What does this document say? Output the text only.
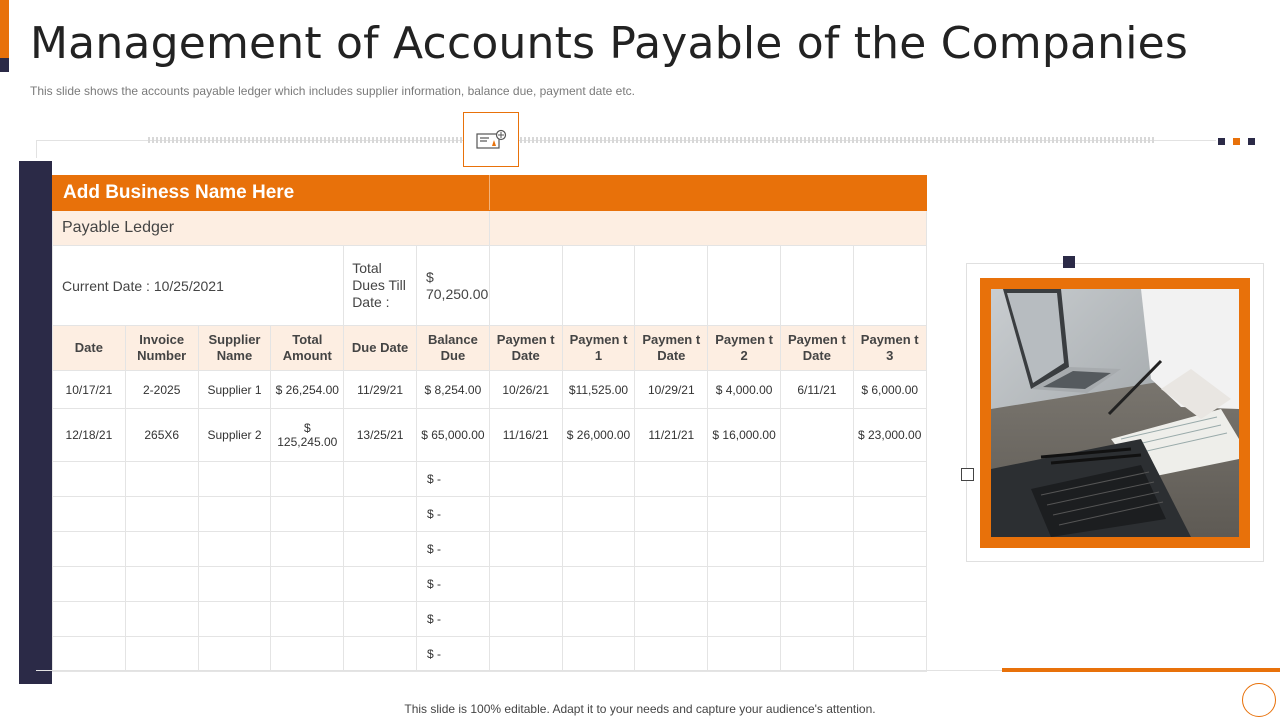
Management of Accounts Payable of the Companies

This slide shows the accounts payable ledger which includes supplier information, balance due, payment date etc.

Add Business Name Here											
Payable Ledger											
Current Date : 10/25/2021				Total Dues Till Date :	$ 70,250.00						
Date	Invoice Number	Supplier Name	Total Amount	Due Date	Balance Due	Paymen t Date	Paymen t 1	Paymen t Date	Paymen t 2	Paymen t Date	Paymen t 3
10/17/21	2-2025	Supplier 1	$ 26,254.00	11/29/21	$ 8,254.00	10/26/21	$11,525.00	10/29/21	$ 4,000.00	6/11/21	$ 6,000.00
12/18/21	265X6	Supplier 2	$ 125,245.00	13/25/21	$ 65,000.00	11/16/21	$ 26,000.00	11/21/21	$ 16,000.00		$ 23,000.00
					$ -						
					$ -						
					$ -						
					$ -						
					$ -						
					$ -						
This slide is 100% editable. Adapt it to your needs and capture your audience's attention.
